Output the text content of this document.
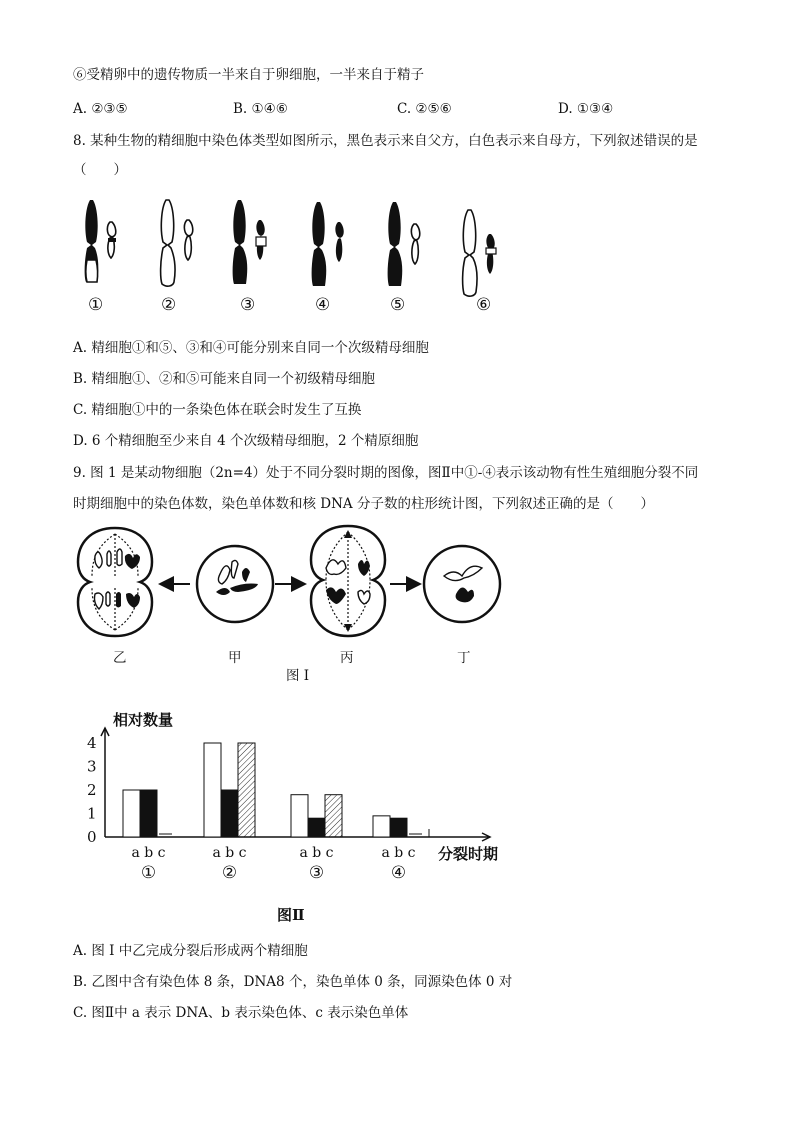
⑥受精卵中的遗传物质一半来自于卵细胞，一半来自于精子
A. ②③⑤	B. ①④⑥	C. ②⑤⑥	D. ①③④
8. 某种生物的精细胞中染色体类型如图所示，黑色表示来自父方，白色表示来自母方，下列叙述错误的是
（　　）
①	②	③	④	⑤	⑥
A. 精细胞①和⑤、③和④可能分别来自同一个次级精母细胞
B. 精细胞①、②和⑤可能来自同一个初级精母细胞
C. 精细胞①中的一条染色体在联会时发生了互换
D. 6 个精细胞至少来自 4 个次级精母细胞，2 个精原细胞
9. 图 1 是某动物细胞（2n=4）处于不同分裂时期的图像，图Ⅱ中①-④表示该动物有性生殖细胞分裂不同
时期细胞中的染色体数，染色单体数和核 DNA 分子数的柱形统计图，下列叙述正确的是（　　）
乙	甲	丙	丁
图 I
相对数量
4
3
2
1
0
a b c
①
a b c
②
a b c
③
a b c
④
分裂时期
图Ⅱ
A. 图 I 中乙完成分裂后形成两个精细胞
B. 乙图中含有染色体 8 条，DNA8 个，染色单体 0 条，同源染色体 0 对
C. 图Ⅱ中 a 表示 DNA、b 表示染色体、c 表示染色单体
